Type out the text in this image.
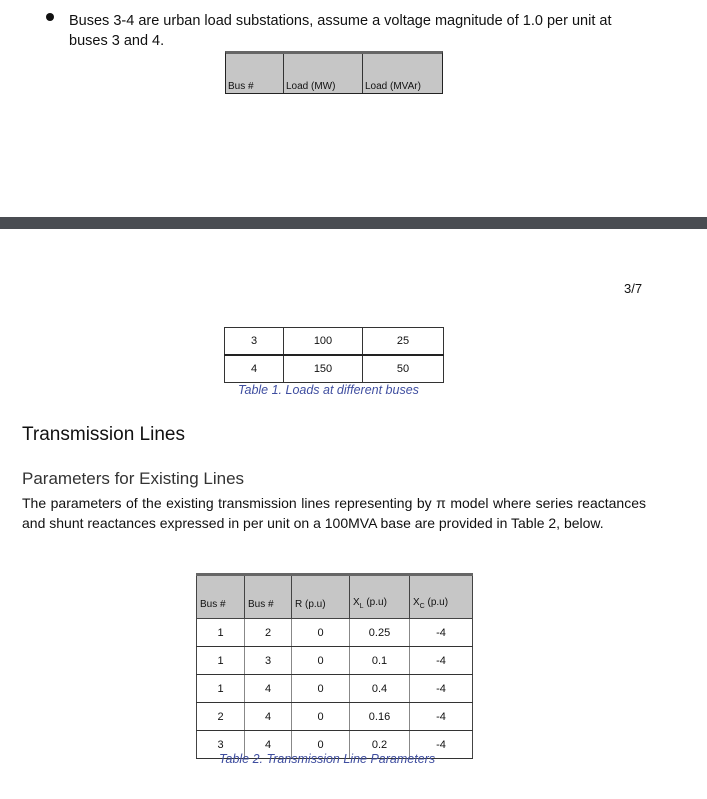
Buses 3-4 are urban load substations, assume a voltage magnitude of 1.0 per unit at
buses 3 and 4.
Bus #	Load (MW)	Load (MVAr)
3/7
3	100	25
4	150	50
Table 1. Loads at different buses
Transmission Lines
Parameters for Existing Lines
The parameters of the existing transmission lines representing by π model where series reactances and shunt reactances expressed in per unit on a 100MVA base are provided in Table 2, below.
Bus #	Bus #	R (p.u)	$X_L$ (p.u)	$X_C$ (p.u)
1	2	0	0.25	-4
1	3	0	0.1	-4
1	4	0	0.4	-4
2	4	0	0.16	-4
3	4	0	0.2	-4
Table 2. Transmission Line Parameters
